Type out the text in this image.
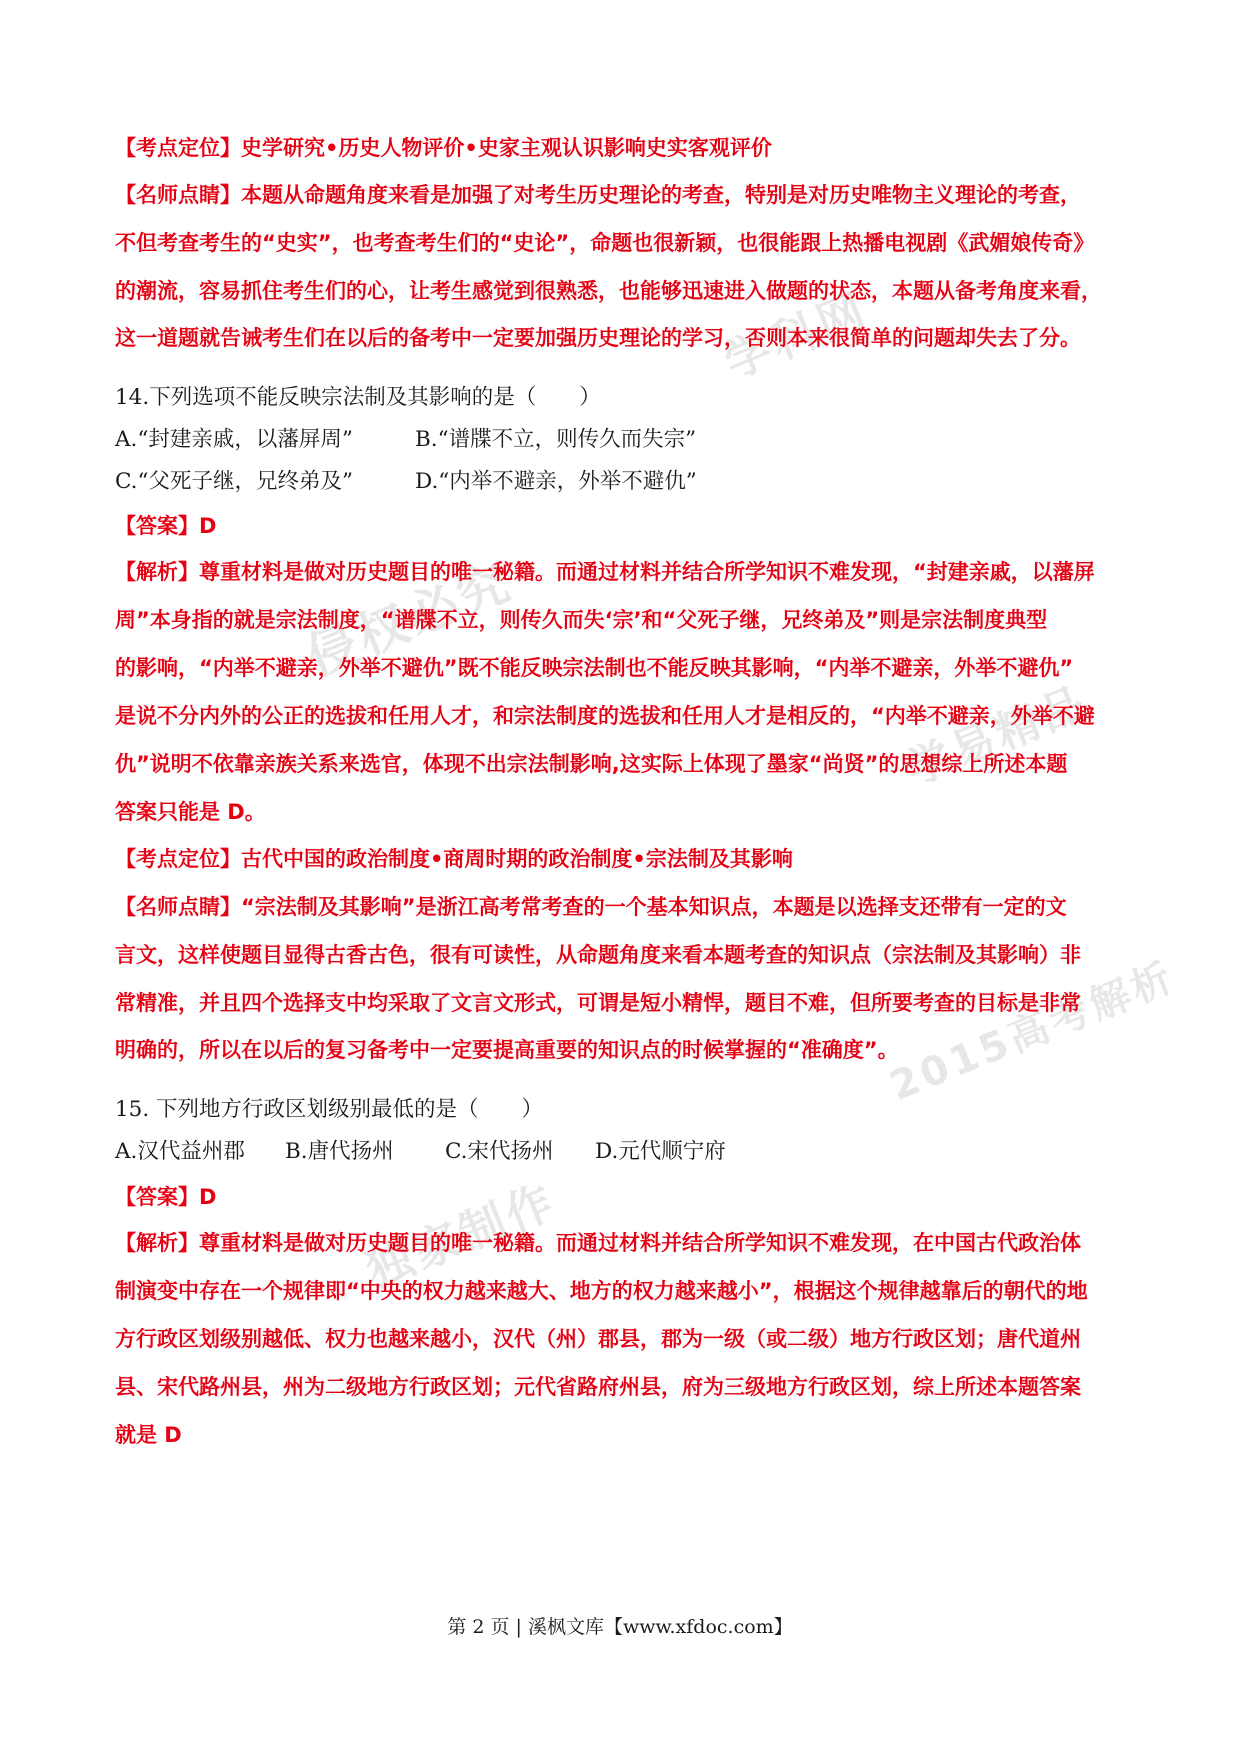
学科网
侵权必究
学易精品
2015高考解析
独家制作
【考点定位】史学研究•历史人物评价•史家主观认识影响史实客观评价
【名师点睛】本题从命题角度来看是加强了对考生历史理论的考查，特别是对历史唯物主义理论的考查，
不但考查考生的“史实”，也考查考生们的“史论”，命题也很新颖，也很能跟上热播电视剧《武媚娘传奇》
的潮流，容易抓住考生们的心，让考生感觉到很熟悉，也能够迅速进入做题的状态，本题从备考角度来看，
这一道题就告诫考生们在以后的备考中一定要加强历史理论的学习，否则本来很简单的问题却失去了分。
14.下列选项不能反映宗法制及其影响的是（　　）
A.“封建亲戚，以藩屏周”	B.“谱牒不立，则传久而失宗”
C.“父死子继，兄终弟及”	D.“内举不避亲，外举不避仇”
【答案】D
【解析】尊重材料是做对历史题目的唯一秘籍。而通过材料并结合所学知识不难发现，“封建亲戚，以藩屏
周”本身指的就是宗法制度，“谱牒不立，则传久而失‘宗’和“父死子继，兄终弟及”则是宗法制度典型
的影响，“内举不避亲，外举不避仇”既不能反映宗法制也不能反映其影响，“内举不避亲，外举不避仇”
是说不分内外的公正的选拔和任用人才，和宗法制度的选拔和任用人才是相反的，“内举不避亲，外举不避
仇”说明不依靠亲族关系来选官，体现不出宗法制影响,这实际上体现了墨家“尚贤”的思想综上所述本题
答案只能是 D。
【考点定位】古代中国的政治制度•商周时期的政治制度•宗法制及其影响
【名师点睛】“宗法制及其影响”是浙江高考常考查的一个基本知识点，本题是以选择支还带有一定的文
言文，这样使题目显得古香古色，很有可读性，从命题角度来看本题考查的知识点（宗法制及其影响）非
常精准，并且四个选择支中均采取了文言文形式，可谓是短小精悍，题目不难，但所要考查的目标是非常
明确的，所以在以后的复习备考中一定要提高重要的知识点的时候掌握的“准确度”。
15. 下列地方行政区划级别最低的是（　　）
A.汉代益州郡 B.唐代扬州 C.宋代扬州 D.元代顺宁府
【答案】D
【解析】尊重材料是做对历史题目的唯一秘籍。而通过材料并结合所学知识不难发现，在中国古代政治体
制演变中存在一个规律即“中央的权力越来越大、地方的权力越来越小”，根据这个规律越靠后的朝代的地
方行政区划级别越低、权力也越来越小，汉代（州）郡县，郡为一级（或二级）地方行政区划；唐代道州
县、宋代路州县，州为二级地方行政区划；元代省路府州县，府为三级地方行政区划，综上所述本题答案
就是 D
第 2 页 | 溪枫文库【www.xfdoc.com】
